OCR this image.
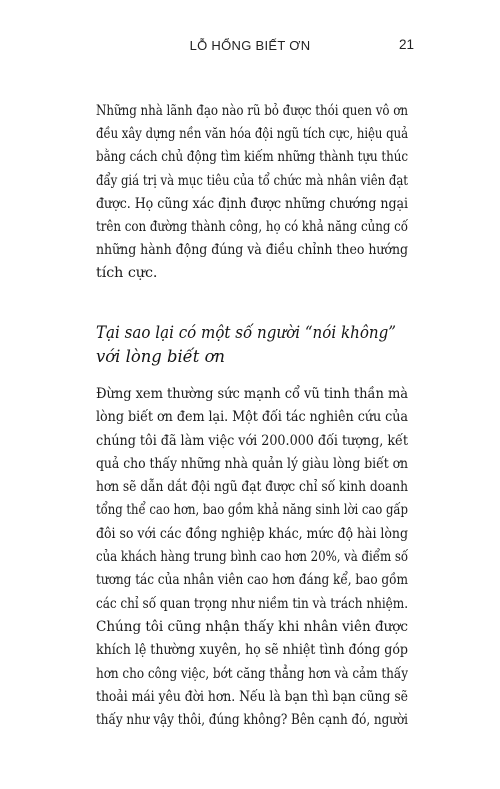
LỖ HỔNG BIẾT ƠN	21

Những nhà lãnh đạo nào rũ bỏ được thói quen vô ơn
đều xây dựng nền văn hóa đội ngũ tích cực, hiệu quả
bằng cách chủ động tìm kiếm những thành tựu thúc
đẩy giá trị và mục tiêu của tổ chức mà nhân viên đạt
được. Họ cũng xác định được những chướng ngại
trên con đường thành công, họ có khả năng củng cố
những hành động đúng và điều chỉnh theo hướng
tích cực.

Tại sao lại có một số người “nói không”
với lòng biết ơn

Đừng xem thường sức mạnh cổ vũ tinh thần mà
lòng biết ơn đem lại. Một đối tác nghiên cứu của
chúng tôi đã làm việc với 200.000 đối tượng, kết
quả cho thấy những nhà quản lý giàu lòng biết ơn
hơn sẽ dẫn dắt đội ngũ đạt được chỉ số kinh doanh
tổng thể cao hơn, bao gồm khả năng sinh lời cao gấp
đôi so với các đồng nghiệp khác, mức độ hài lòng
của khách hàng trung bình cao hơn 20%, và điểm số
tương tác của nhân viên cao hơn đáng kể, bao gồm
các chỉ số quan trọng như niềm tin và trách nhiệm.
Chúng tôi cũng nhận thấy khi nhân viên được
khích lệ thường xuyên, họ sẽ nhiệt tình đóng góp
hơn cho công việc, bớt căng thẳng hơn và cảm thấy
thoải mái yêu đời hơn. Nếu là bạn thì bạn cũng sẽ
thấy như vậy thôi, đúng không? Bên cạnh đó, người
